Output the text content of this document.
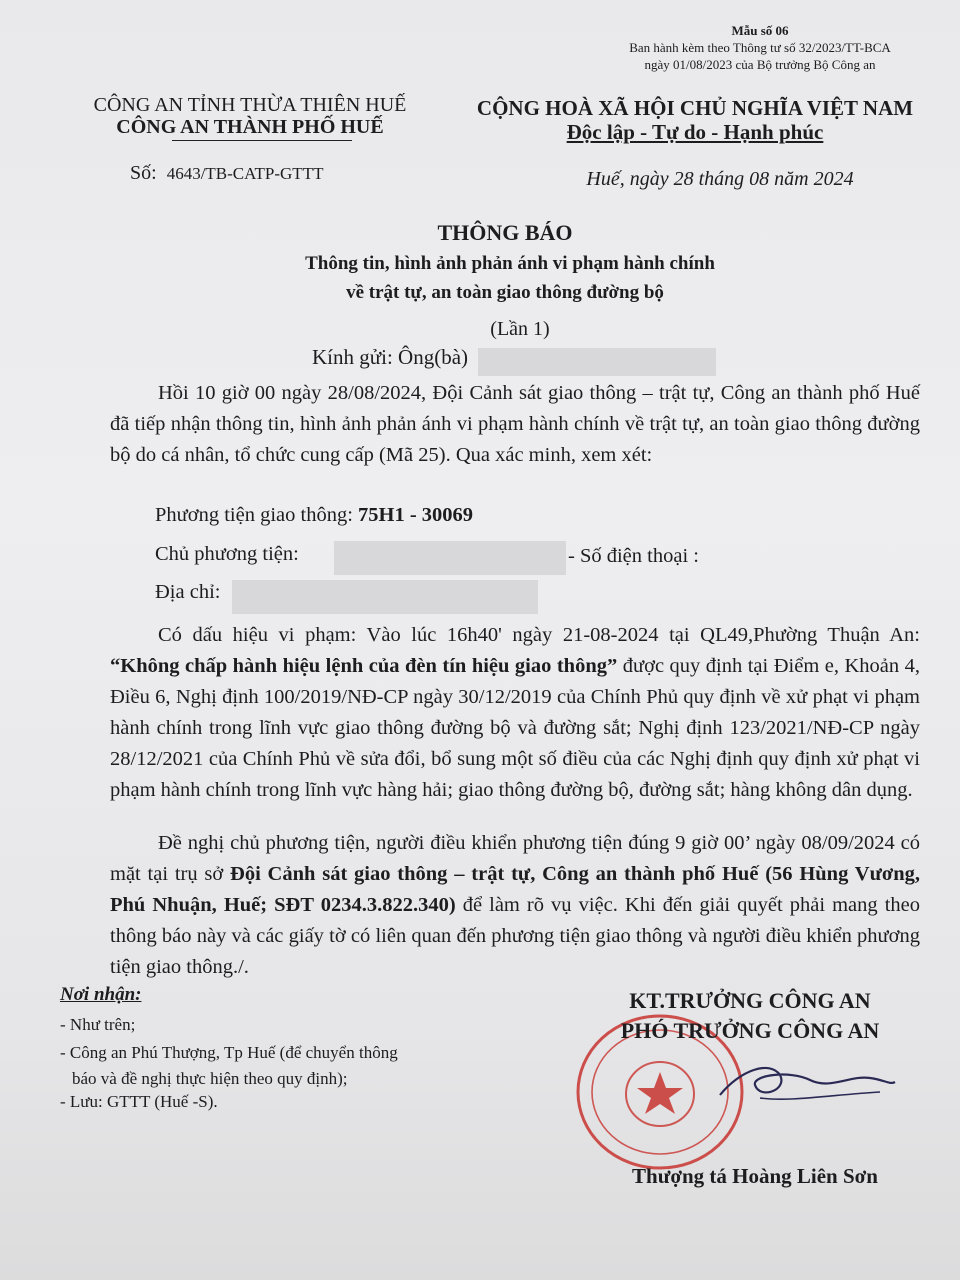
Mẫu số 06
Ban hành kèm theo Thông tư số 32/2023/TT-BCA
ngày 01/08/2023 của Bộ trưởng Bộ Công an
CÔNG AN TỈNH THỪA THIÊN HUẾ
CÔNG AN THÀNH PHỐ HUẾ
CỘNG HOÀ XÃ HỘI CHỦ NGHĨA VIỆT NAM
Độc lập - Tự do - Hạnh phúc
Số: 4643/TB-CATP-GTTT	Huế, ngày 28 tháng 08 năm 2024
THÔNG BÁO
Thông tin, hình ảnh phản ánh vi phạm hành chính
về trật tự, an toàn giao thông đường bộ
(Lần 1)
Kính gửi: Ông(bà)
Hồi 10 giờ 00 ngày 28/08/2024, Đội Cảnh sát giao thông – trật tự, Công an thành phố Huế đã tiếp nhận thông tin, hình ảnh phản ánh vi phạm hành chính về trật tự, an toàn giao thông đường bộ do cá nhân, tổ chức cung cấp (Mã 25). Qua xác minh, xem xét:
Phương tiện giao thông: 75H1 - 30069
Chủ phương tiện:	- Số điện thoại :
Địa chỉ:
Có dấu hiệu vi phạm: Vào lúc 16h40' ngày 21-08-2024 tại QL49,Phường Thuận An: “Không chấp hành hiệu lệnh của đèn tín hiệu giao thông” được quy định tại Điểm e, Khoản 4, Điều 6, Nghị định 100/2019/NĐ-CP ngày 30/12/2019 của Chính Phủ quy định về xử phạt vi phạm hành chính trong lĩnh vực giao thông đường bộ và đường sắt; Nghị định 123/2021/NĐ-CP ngày 28/12/2021 của Chính Phủ về sửa đổi, bổ sung một số điều của các Nghị định quy định xử phạt vi phạm hành chính trong lĩnh vực hàng hải; giao thông đường bộ, đường sắt; hàng không dân dụng.
Đề nghị chủ phương tiện, người điều khiển phương tiện đúng 9 giờ 00’ ngày 08/09/2024 có mặt tại trụ sở Đội Cảnh sát giao thông – trật tự, Công an thành phố Huế (56 Hùng Vương, Phú Nhuận, Huế; SĐT 0234.3.822.340) để làm rõ vụ việc. Khi đến giải quyết phải mang theo thông báo này và các giấy tờ có liên quan đến phương tiện giao thông và người điều khiển phương tiện giao thông./.
Nơi nhận:
- Như trên;
- Công an Phú Thượng, Tp Huế (để chuyển thông
báo và đề nghị thực hiện theo quy định);
- Lưu: GTTT (Huế -S).
KT.TRƯỞNG CÔNG AN
PHÓ TRƯỞNG CÔNG AN
Thượng tá Hoàng Liên Sơn
